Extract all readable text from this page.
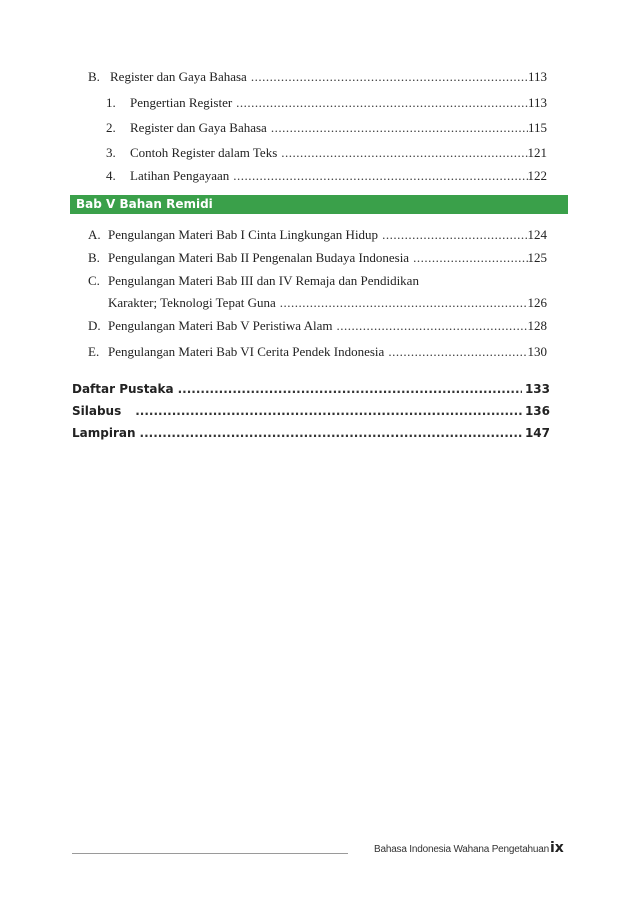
B. Register dan Gaya Bahasa .....	113
1.	Pengertian Register .....	113
2.	Register dan Gaya Bahasa .....	115
3.	Contoh Register dalam Teks .....	121
4.	Latihan Pengayaan .....	122
Bab V Bahan Remidi
A. Pengulangan Materi Bab I Cinta Lingkungan Hidup .....	124
B. Pengulangan Materi Bab II Pengenalan Budaya Indonesia .....	125
C. Pengulangan Materi Bab III dan IV Remaja dan Pendidikan
Karakter; Teknologi Tepat Guna .....	126
D. Pengulangan Materi Bab V Peristiwa Alam .....	128
E. Pengulangan Materi Bab VI Cerita Pendek Indonesia .....	130
Daftar Pustaka .....	133
Silabus .....	136
Lampiran .....	147
Bahasa Indonesia Wahana Pengetahuan ix
